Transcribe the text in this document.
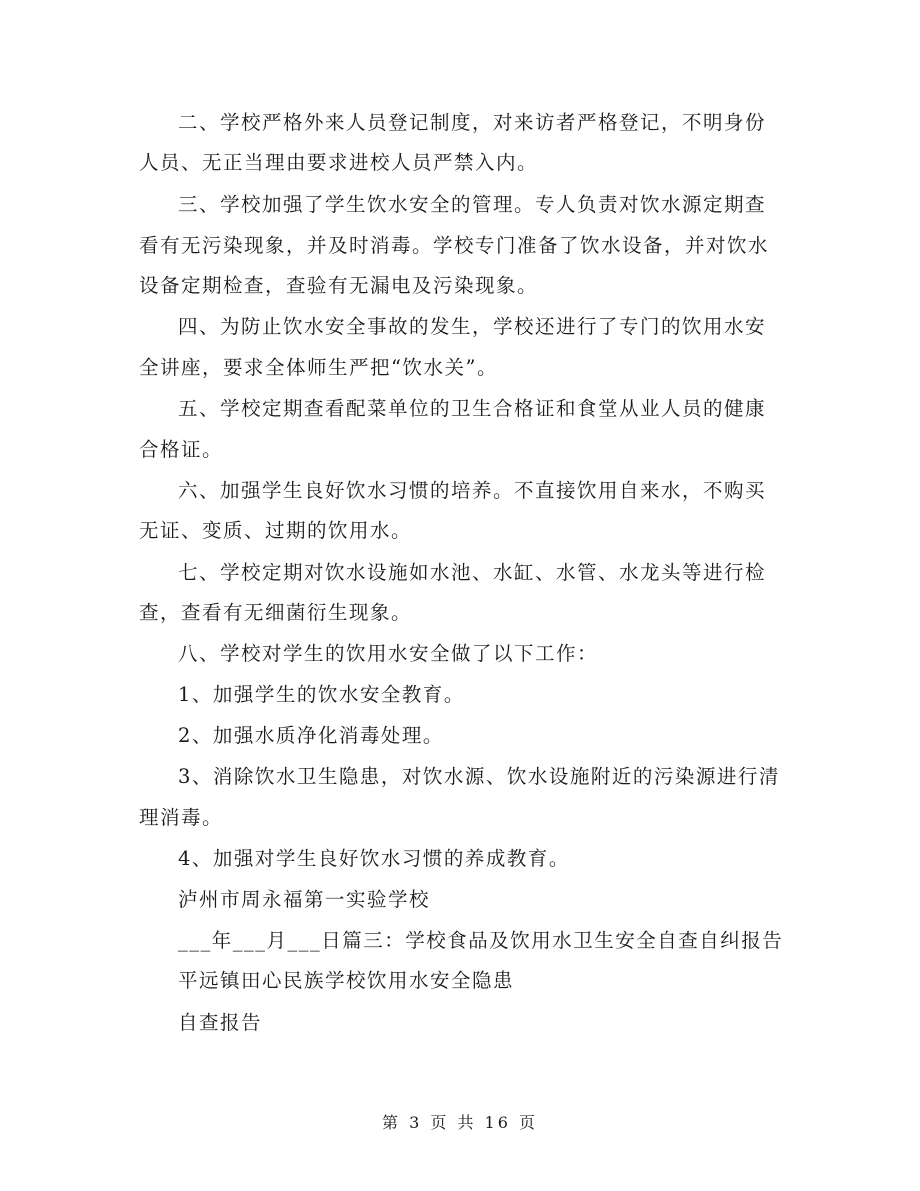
二、学校严格外来人员登记制度，对来访者严格登记，不明身份
人员、无正当理由要求进校人员严禁入内。
三、学校加强了学生饮水安全的管理。专人负责对饮水源定期查
看有无污染现象，并及时消毒。学校专门准备了饮水设备，并对饮水
设备定期检查，查验有无漏电及污染现象。
四、为防止饮水安全事故的发生，学校还进行了专门的饮用水安
全讲座，要求全体师生严把“饮水关”。
五、学校定期查看配菜单位的卫生合格证和食堂从业人员的健康
合格证。
六、加强学生良好饮水习惯的培养。不直接饮用自来水，不购买
无证、变质、过期的饮用水。
七、学校定期对饮水设施如水池、水缸、水管、水龙头等进行检
查，查看有无细菌衍生现象。
八、学校对学生的饮用水安全做了以下工作：
1、加强学生的饮水安全教育。
2、加强水质净化消毒处理。
3、消除饮水卫生隐患，对饮水源、饮水设施附近的污染源进行清
理消毒。
4、加强对学生良好饮水习惯的养成教育。
泸州市周永福第一实验学校
___年___月___日篇三：学校食品及饮用水卫生安全自查自纠报告
平远镇田心民族学校饮用水安全隐患
自查报告
第 3 页 共 16 页
